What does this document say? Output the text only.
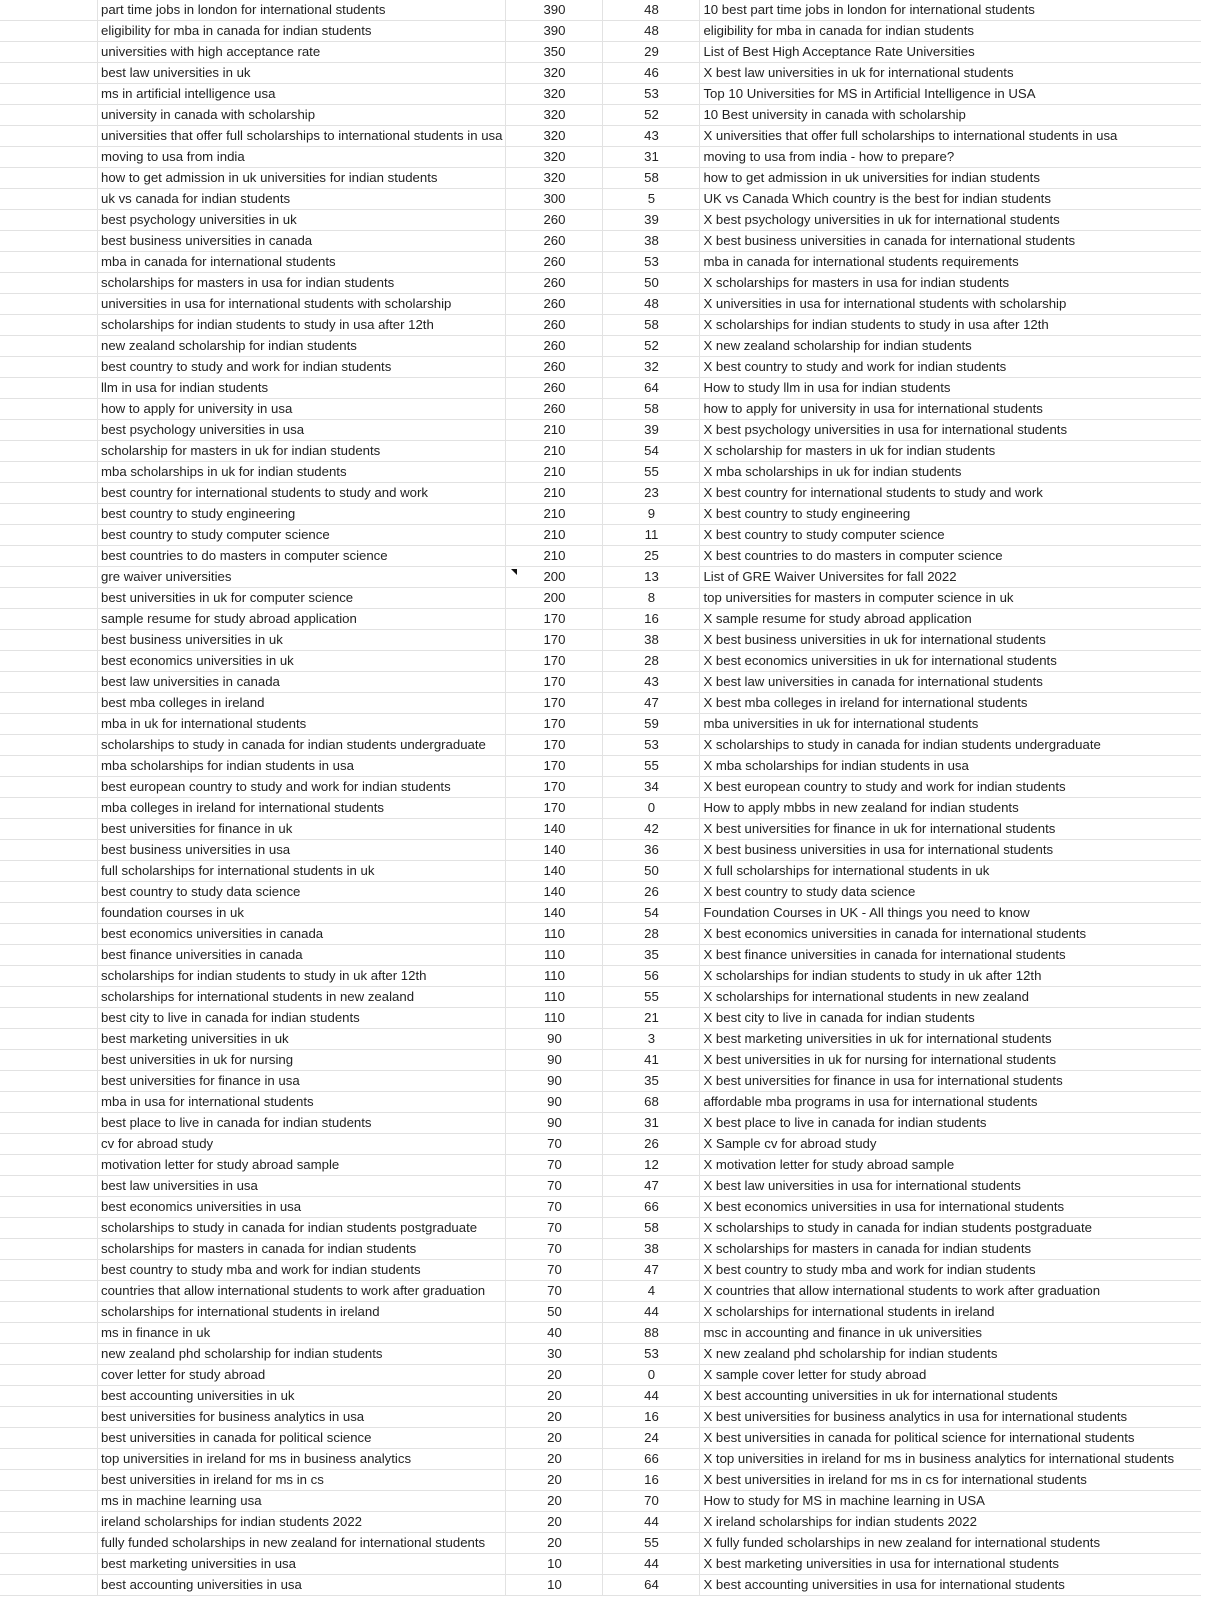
	part time jobs in london for international students	390	48	10 best part time jobs in london for international students
	eligibility for mba in canada for indian students	390	48	eligibility for mba in canada for indian students
	universities with high acceptance rate	350	29	List of Best High Acceptance Rate Universities
	best law universities in uk	320	46	X best law universities in uk for international students
	ms in artificial intelligence usa	320	53	Top 10 Universities for MS in Artificial Intelligence in USA
	university in canada with scholarship	320	52	10 Best university in canada with scholarship
	universities that offer full scholarships to international students in usa	320	43	X universities that offer full scholarships to international students in usa
	moving to usa from india	320	31	moving to usa from india - how to prepare?
	how to get admission in uk universities for indian students	320	58	how to get admission in uk universities for indian students
	uk vs canada for indian students	300	5	UK vs Canada Which country is the best for indian students
	best psychology universities in uk	260	39	X best psychology universities in uk for international students
	best business universities in canada	260	38	X best business universities in canada for international students
	mba in canada for international students	260	53	mba in canada for international students requirements
	scholarships for masters in usa for indian students	260	50	X scholarships for masters in usa for indian students
	universities in usa for international students with scholarship	260	48	X universities in usa for international students with scholarship
	scholarships for indian students to study in usa after 12th	260	58	X scholarships for indian students to study in usa after 12th
	new zealand scholarship for indian students	260	52	X new zealand scholarship for indian students
	best country to study and work for indian students	260	32	X best country to study and work for indian students
	llm in usa for indian students	260	64	How to study llm in usa for indian students
	how to apply for university in usa	260	58	how to apply for university in usa for international students
	best psychology universities in usa	210	39	X best psychology universities in usa for international students
	scholarship for masters in uk for indian students	210	54	X scholarship for masters in uk for indian students
	mba scholarships in uk for indian students	210	55	X mba scholarships in uk for indian students
	best country for international students to study and work	210	23	X best country for international students to study and work
	best country to study engineering	210	9	X best country to study engineering
	best country to study computer science	210	11	X best country to study computer science
	best countries to do masters in computer science	210	25	X best countries to do masters in computer science
	gre waiver universities	200	13	List of GRE Waiver Universites for fall 2022
	best universities in uk for computer science	200	8	top universities for masters in computer science in uk
	sample resume for study abroad application	170	16	X sample resume for study abroad application
	best business universities in uk	170	38	X best business universities in uk for international students
	best economics universities in uk	170	28	X best economics universities in uk for international students
	best law universities in canada	170	43	X best law universities in canada for international students
	best mba colleges in ireland	170	47	X best mba colleges in ireland for international students
	mba in uk for international students	170	59	mba universities in uk for international students
	scholarships to study in canada for indian students undergraduate	170	53	X scholarships to study in canada for indian students undergraduate
	mba scholarships for indian students in usa	170	55	X mba scholarships for indian students in usa
	best european country to study and work for indian students	170	34	X best european country to study and work for indian students
	mba colleges in ireland for international students	170	0	How to apply mbbs in new zealand for indian students
	best universities for finance in uk	140	42	X best universities for finance in uk for international students
	best business universities in usa	140	36	X best business universities in usa for international students
	full scholarships for international students in uk	140	50	X full scholarships for international students in uk
	best country to study data science	140	26	X best country to study data science
	foundation courses in uk	140	54	Foundation Courses in UK - All things you need to know
	best economics universities in canada	110	28	X best economics universities in canada for international students
	best finance universities in canada	110	35	X best finance universities in canada for international students
	scholarships for indian students to study in uk after 12th	110	56	X scholarships for indian students to study in uk after 12th
	scholarships for international students in new zealand	110	55	X scholarships for international students in new zealand
	best city to live in canada for indian students	110	21	X best city to live in canada for indian students
	best marketing universities in uk	90	3	X best marketing universities in uk for international students
	best universities in uk for nursing	90	41	X best universities in uk for nursing for international students
	best universities for finance in usa	90	35	X best universities for finance in usa for international students
	mba in usa for international students	90	68	affordable mba programs in usa for international students
	best place to live in canada for indian students	90	31	X best place to live in canada for indian students
	cv for abroad study	70	26	X Sample cv for abroad study
	motivation letter for study abroad sample	70	12	X motivation letter for study abroad sample
	best law universities in usa	70	47	X best law universities in usa for international students
	best economics universities in usa	70	66	X best economics universities in usa for international students
	scholarships to study in canada for indian students postgraduate	70	58	X scholarships to study in canada for indian students postgraduate
	scholarships for masters in canada for indian students	70	38	X scholarships for masters in canada for indian students
	best country to study mba and work for indian students	70	47	X best country to study mba and work for indian students
	countries that allow international students to work after graduation	70	4	X countries that allow international students to work after graduation
	scholarships for international students in ireland	50	44	X scholarships for international students in ireland
	ms in finance in uk	40	88	msc in accounting and finance in uk universities
	new zealand phd scholarship for indian students	30	53	X new zealand phd scholarship for indian students
	cover letter for study abroad	20	0	X sample cover letter for study abroad
	best accounting universities in uk	20	44	X best accounting universities in uk for international students
	best universities for business analytics in usa	20	16	X best universities for business analytics in usa for international students
	best universities in canada for political science	20	24	X best universities in canada for political science for international students
	top universities in ireland for ms in business analytics	20	66	X top universities in ireland for ms in business analytics for international students
	best universities in ireland for ms in cs	20	16	X best universities in ireland for ms in cs for international students
	ms in machine learning usa	20	70	How to study for MS in machine learning in USA
	ireland scholarships for indian students 2022	20	44	X ireland scholarships for indian students 2022
	fully funded scholarships in new zealand for international students	20	55	X fully funded scholarships in new zealand for international students
	best marketing universities in usa	10	44	X best marketing universities in usa for international students
	best accounting universities in usa	10	64	X best accounting universities in usa for international students
